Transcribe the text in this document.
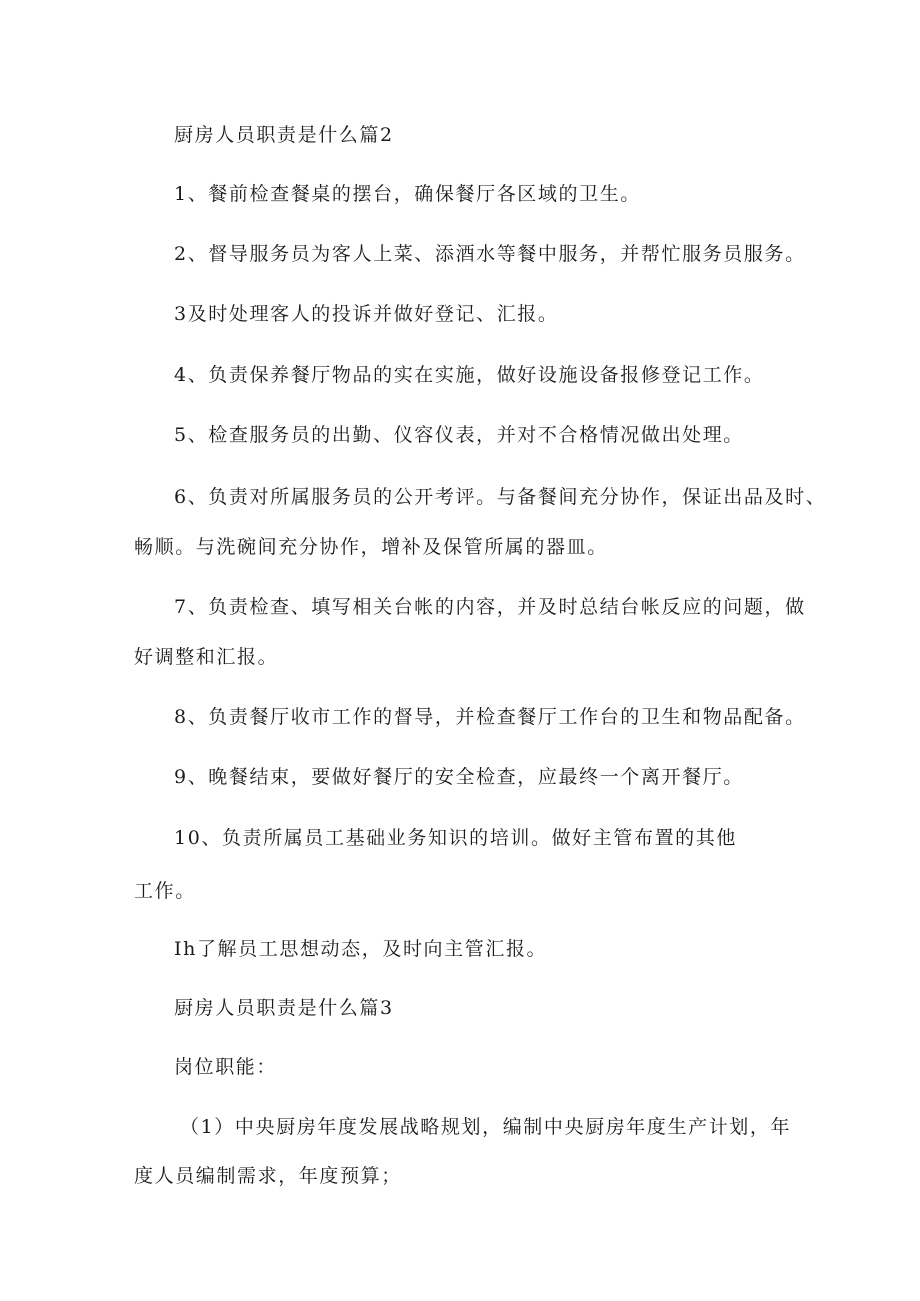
厨房人员职责是什么篇2
1、餐前检查餐桌的摆台，确保餐厅各区域的卫生。
2、督导服务员为客人上菜、添酒水等餐中服务，并帮忙服务员服务。
3及时处理客人的投诉并做好登记、汇报。
4、负责保养餐厅物品的实在实施，做好设施设备报修登记工作。
5、检查服务员的出勤、仪容仪表，并对不合格情况做出处理。
6、负责对所属服务员的公开考评。与备餐间充分协作，保证出品及时、
畅顺。与洗碗间充分协作，增补及保管所属的器皿。
7、负责检查、填写相关台帐的内容，并及时总结台帐反应的问题，做
好调整和汇报。
8、负责餐厅收市工作的督导，并检查餐厅工作台的卫生和物品配备。
9、晚餐结束，要做好餐厅的安全检查，应最终一个离开餐厅。
10、负责所属员工基础业务知识的培训。做好主管布置的其他
工作。
Ih了解员工思想动态，及时向主管汇报。
厨房人员职责是什么篇3
岗位职能：
（1）中央厨房年度发展战略规划，编制中央厨房年度生产计划，年
度人员编制需求，年度预算；
